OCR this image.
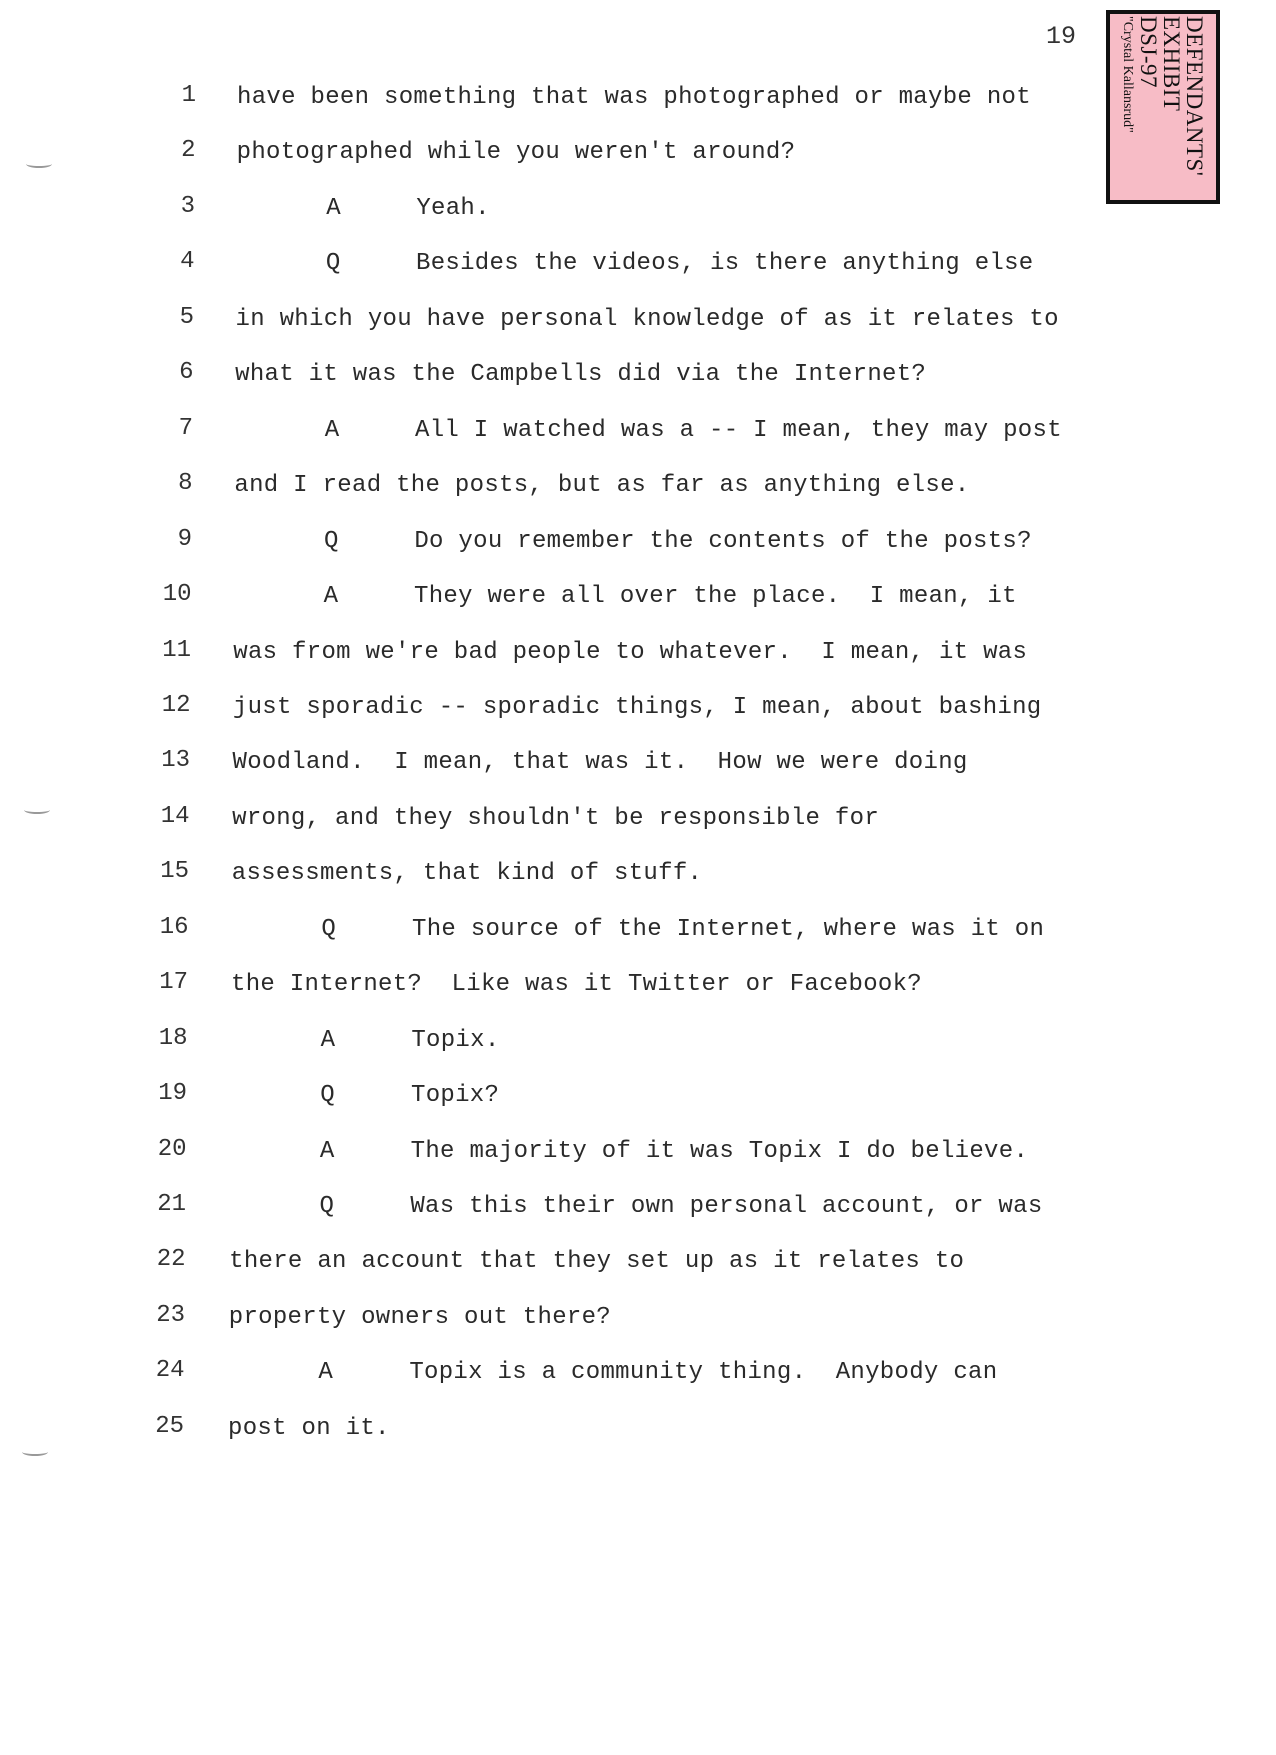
19	DEFENDANTS'
EXHIBIT
DSJ-97
"Crystal Kallansrud"
1 have been something that was photographed or maybe not
2 photographed while you weren't around?
3	A	Yeah.
4	Q	Besides the videos, is there anything else
5 in which you have personal knowledge of as it relates to
6 what it was the Campbells did via the Internet?
7	A	All I watched was a -- I mean, they may post
8 and I read the posts, but as far as anything else.
9	Q	Do you remember the contents of the posts?
10	A	They were all over the place.  I mean, it
11 was from we're bad people to whatever.  I mean, it was
12 just sporadic -- sporadic things, I mean, about bashing
13 Woodland.  I mean, that was it.  How we were doing
14 wrong, and they shouldn't be responsible for
15 assessments, that kind of stuff.
16	Q	The source of the Internet, where was it on
17 the Internet?  Like was it Twitter or Facebook?
18	A	Topix.
19	Q	Topix?
20	A	The majority of it was Topix I do believe.
21	Q	Was this their own personal account, or was
22 there an account that they set up as it relates to
23 property owners out there?
24	A	Topix is a community thing.  Anybody can
25 post on it.
